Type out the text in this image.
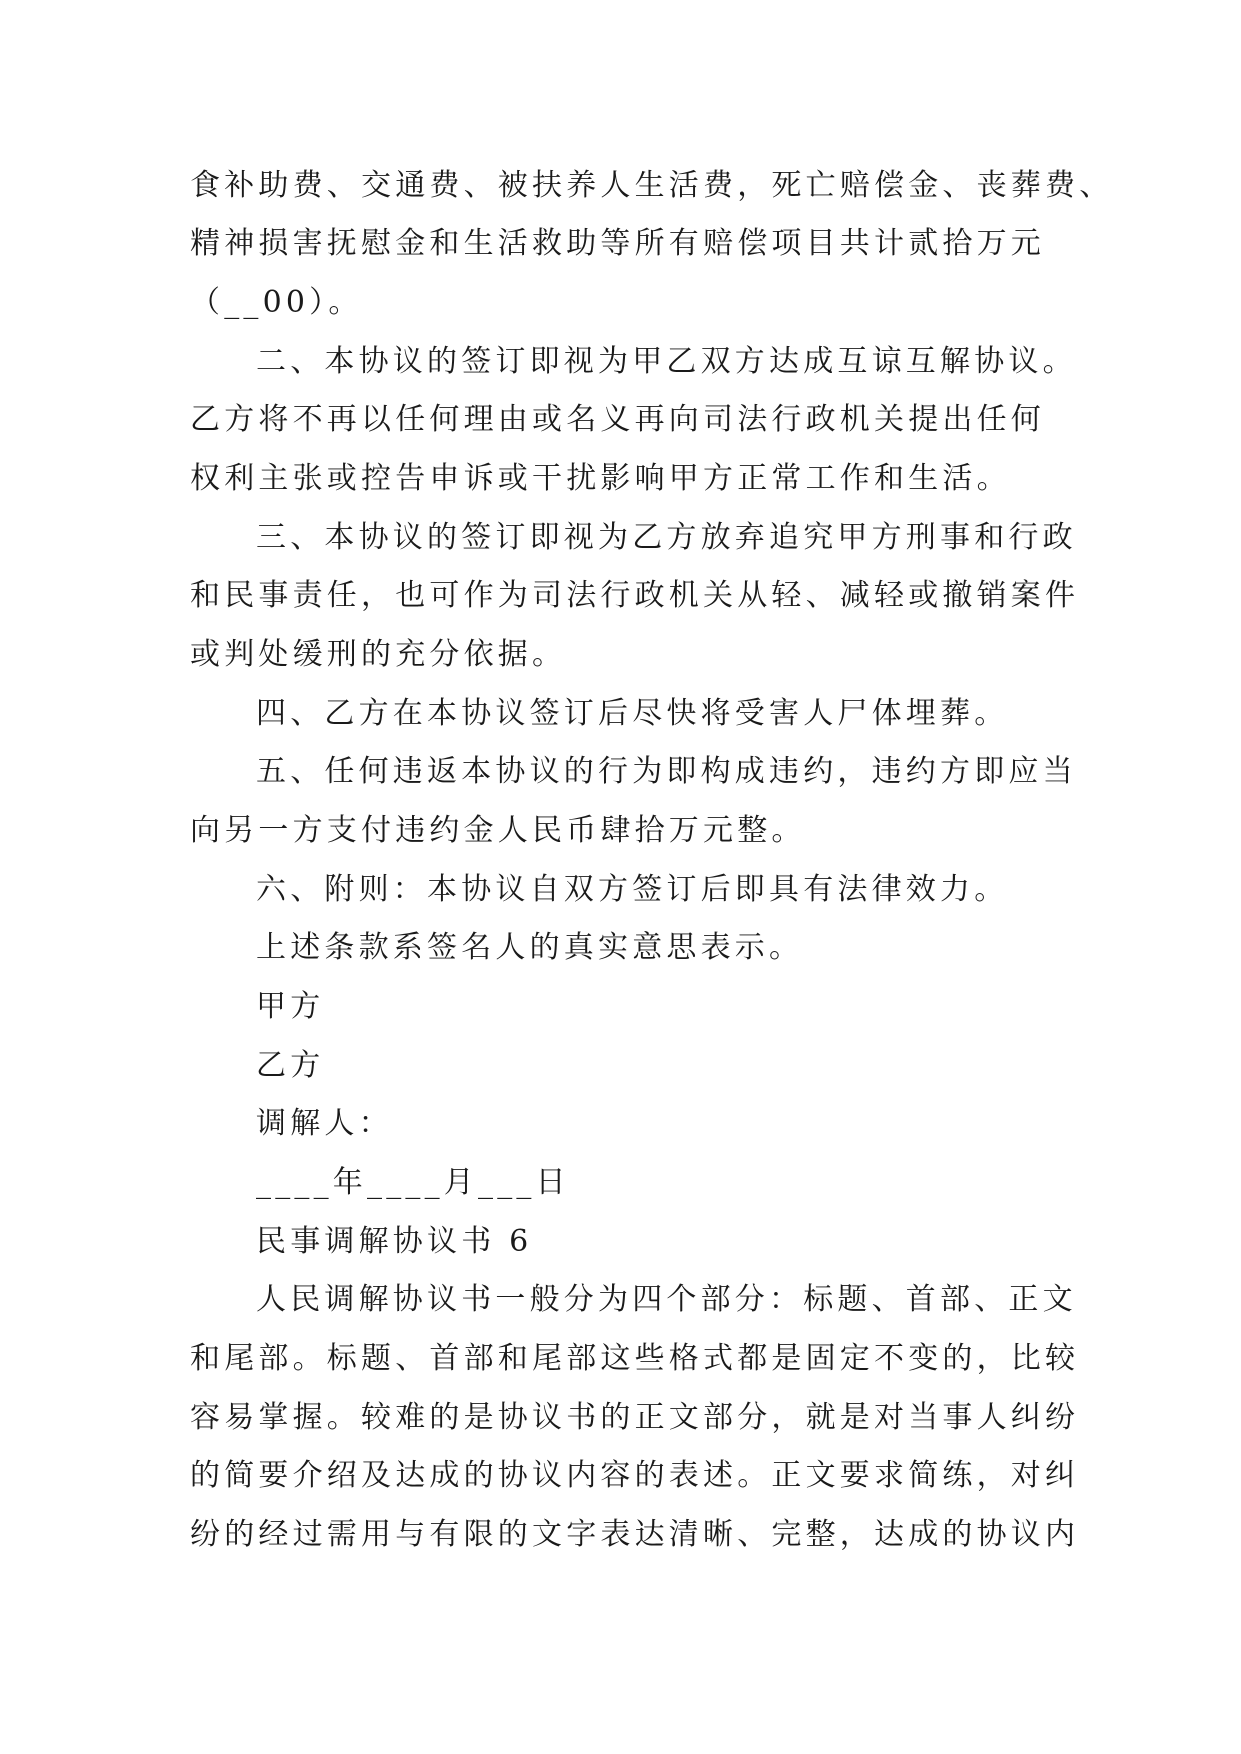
食补助费、交通费、被扶养人生活费，死亡赔偿金、丧葬费、
精神损害抚慰金和生活救助等所有赔偿项目共计贰拾万元
（__00）。
二、本协议的签订即视为甲乙双方达成互谅互解协议。
乙方将不再以任何理由或名义再向司法行政机关提出任何
权利主张或控告申诉或干扰影响甲方正常工作和生活。
三、本协议的签订即视为乙方放弃追究甲方刑事和行政
和民事责任，也可作为司法行政机关从轻、减轻或撤销案件
或判处缓刑的充分依据。
四、乙方在本协议签订后尽快将受害人尸体埋葬。
五、任何违返本协议的行为即构成违约，违约方即应当
向另一方支付违约金人民币肆拾万元整。
六、附则：本协议自双方签订后即具有法律效力。
上述条款系签名人的真实意思表示。
甲方
乙方
调解人：
____年____月___日
民事调解协议书 6
人民调解协议书一般分为四个部分：标题、首部、正文
和尾部。标题、首部和尾部这些格式都是固定不变的，比较
容易掌握。较难的是协议书的正文部分，就是对当事人纠纷
的简要介绍及达成的协议内容的表述。正文要求简练，对纠
纷的经过需用与有限的文字表达清晰、完整，达成的协议内
